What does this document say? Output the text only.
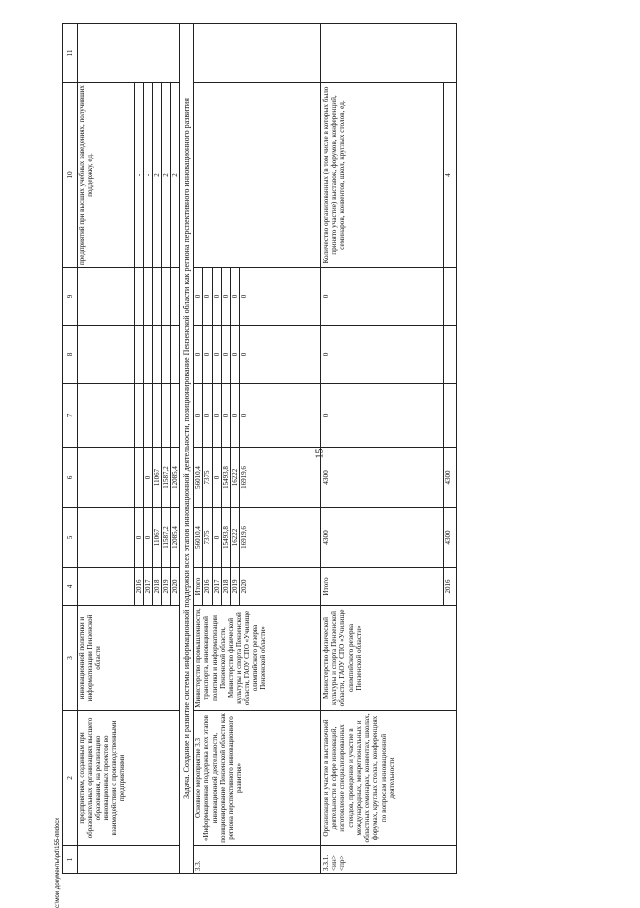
15
c:\мои документы\pd\155-ппdocx 1	2	3	4	5	6	7	8	9	10	11
	предприятиям, созданным при образовательных организациях высшего образования, на реализацию инновационных проектов во взаимодействии с производственными предприятиями	инновационной политики и информатизации Пензенской области							предприятий при высших учебных заведениях, получивших поддержку, ед.	
			2016	0					-	
			2017	0	0				-	
			2018	11067	11067				2	
			2019	11587,2	11587,2				2	
			2020	12085,4	12085,4				2	
Задача. Создание и развитие системы информационной поддержки всех этапов инновационной деятельности, позиционирование Пензенской области как региона перспективного инновационного развития										
3.3.	Основное мероприятие 3.3 «Информационная поддержка всех этапов инновационной деятельности, позиционирование Пензенской области как региона перспективного инновационного развития»	Министерство промышленности, транспорта, инновационной политики и информатизации Пензенской области, Министерство физической культуры и спорта Пензенской области, ГАОУ СПО «Училище олимпийского резерва Пензенской области»	Итого	56010,4	56010,4	0	0	0		
			2016	7375	7375	0	0	0		
			2017	0	0	0	0	0		
			2018	15493,8	15493,8	0	0	0		
			2019	16222	16222	0	0	0		
			2020	16919,6	16919,6	0	0	0		
3.3.1. <ин> <пр>	Организация и участие в выставочной деятельности в сфере инноваций, изготовление специализированных стендов, проведение и участие в международных, межрегиональных и областных семинарах, конвентах, школах, форумах, круглых столах, конференциях по вопросам инновационной деятельности	Министерство физической культуры и спорта Пензенской области, ГАОУ СПО «Училище олимпийского резерва Пензенской области»	Итого	4300	4300	0	0	0	Количество организованных (в том числе в которых было принято участие) выставок, форумов, конференций, семинаров, конвентов, школ, круглых столов, ед.	
			2016	4300	4300				4	
